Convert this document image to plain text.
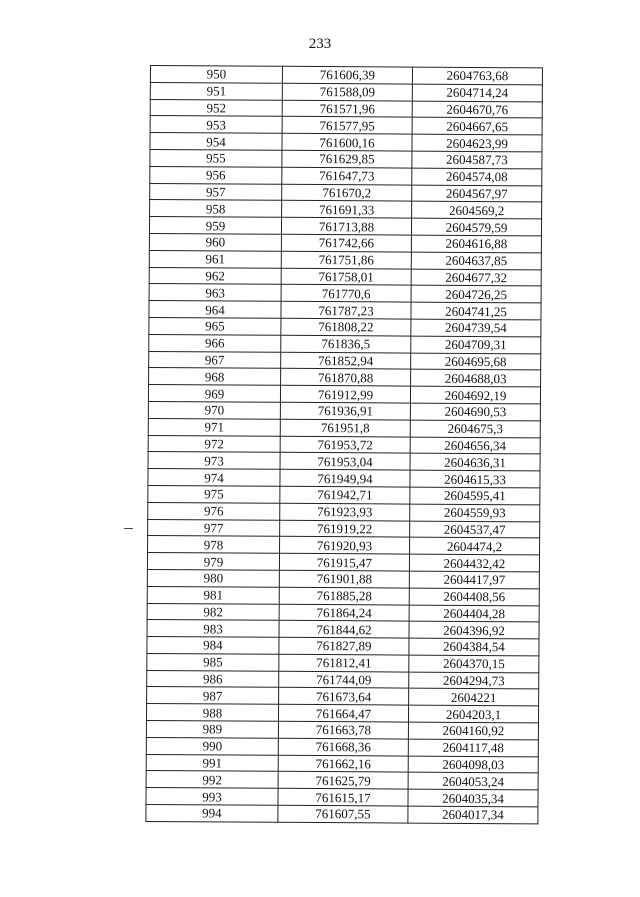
233
950	761606,39	2604763,68
951	761588,09	2604714,24
952	761571,96	2604670,76
953	761577,95	2604667,65
954	761600,16	2604623,99
955	761629,85	2604587,73
956	761647,73	2604574,08
957	761670,2	2604567,97
958	761691,33	2604569,2
959	761713,88	2604579,59
960	761742,66	2604616,88
961	761751,86	2604637,85
962	761758,01	2604677,32
963	761770,6	2604726,25
964	761787,23	2604741,25
965	761808,22	2604739,54
966	761836,5	2604709,31
967	761852,94	2604695,68
968	761870,88	2604688,03
969	761912,99	2604692,19
970	761936,91	2604690,53
971	761951,8	2604675,3
972	761953,72	2604656,34
973	761953,04	2604636,31
974	761949,94	2604615,33
975	761942,71	2604595,41
976	761923,93	2604559,93
977	761919,22	2604537,47
978	761920,93	2604474,2
979	761915,47	2604432,42
980	761901,88	2604417,97
981	761885,28	2604408,56
982	761864,24	2604404,28
983	761844,62	2604396,92
984	761827,89	2604384,54
985	761812,41	2604370,15
986	761744,09	2604294,73
987	761673,64	2604221
988	761664,47	2604203,1
989	761663,78	2604160,92
990	761668,36	2604117,48
991	761662,16	2604098,03
992	761625,79	2604053,24
993	761615,17	2604035,34
994	761607,55	2604017,34
